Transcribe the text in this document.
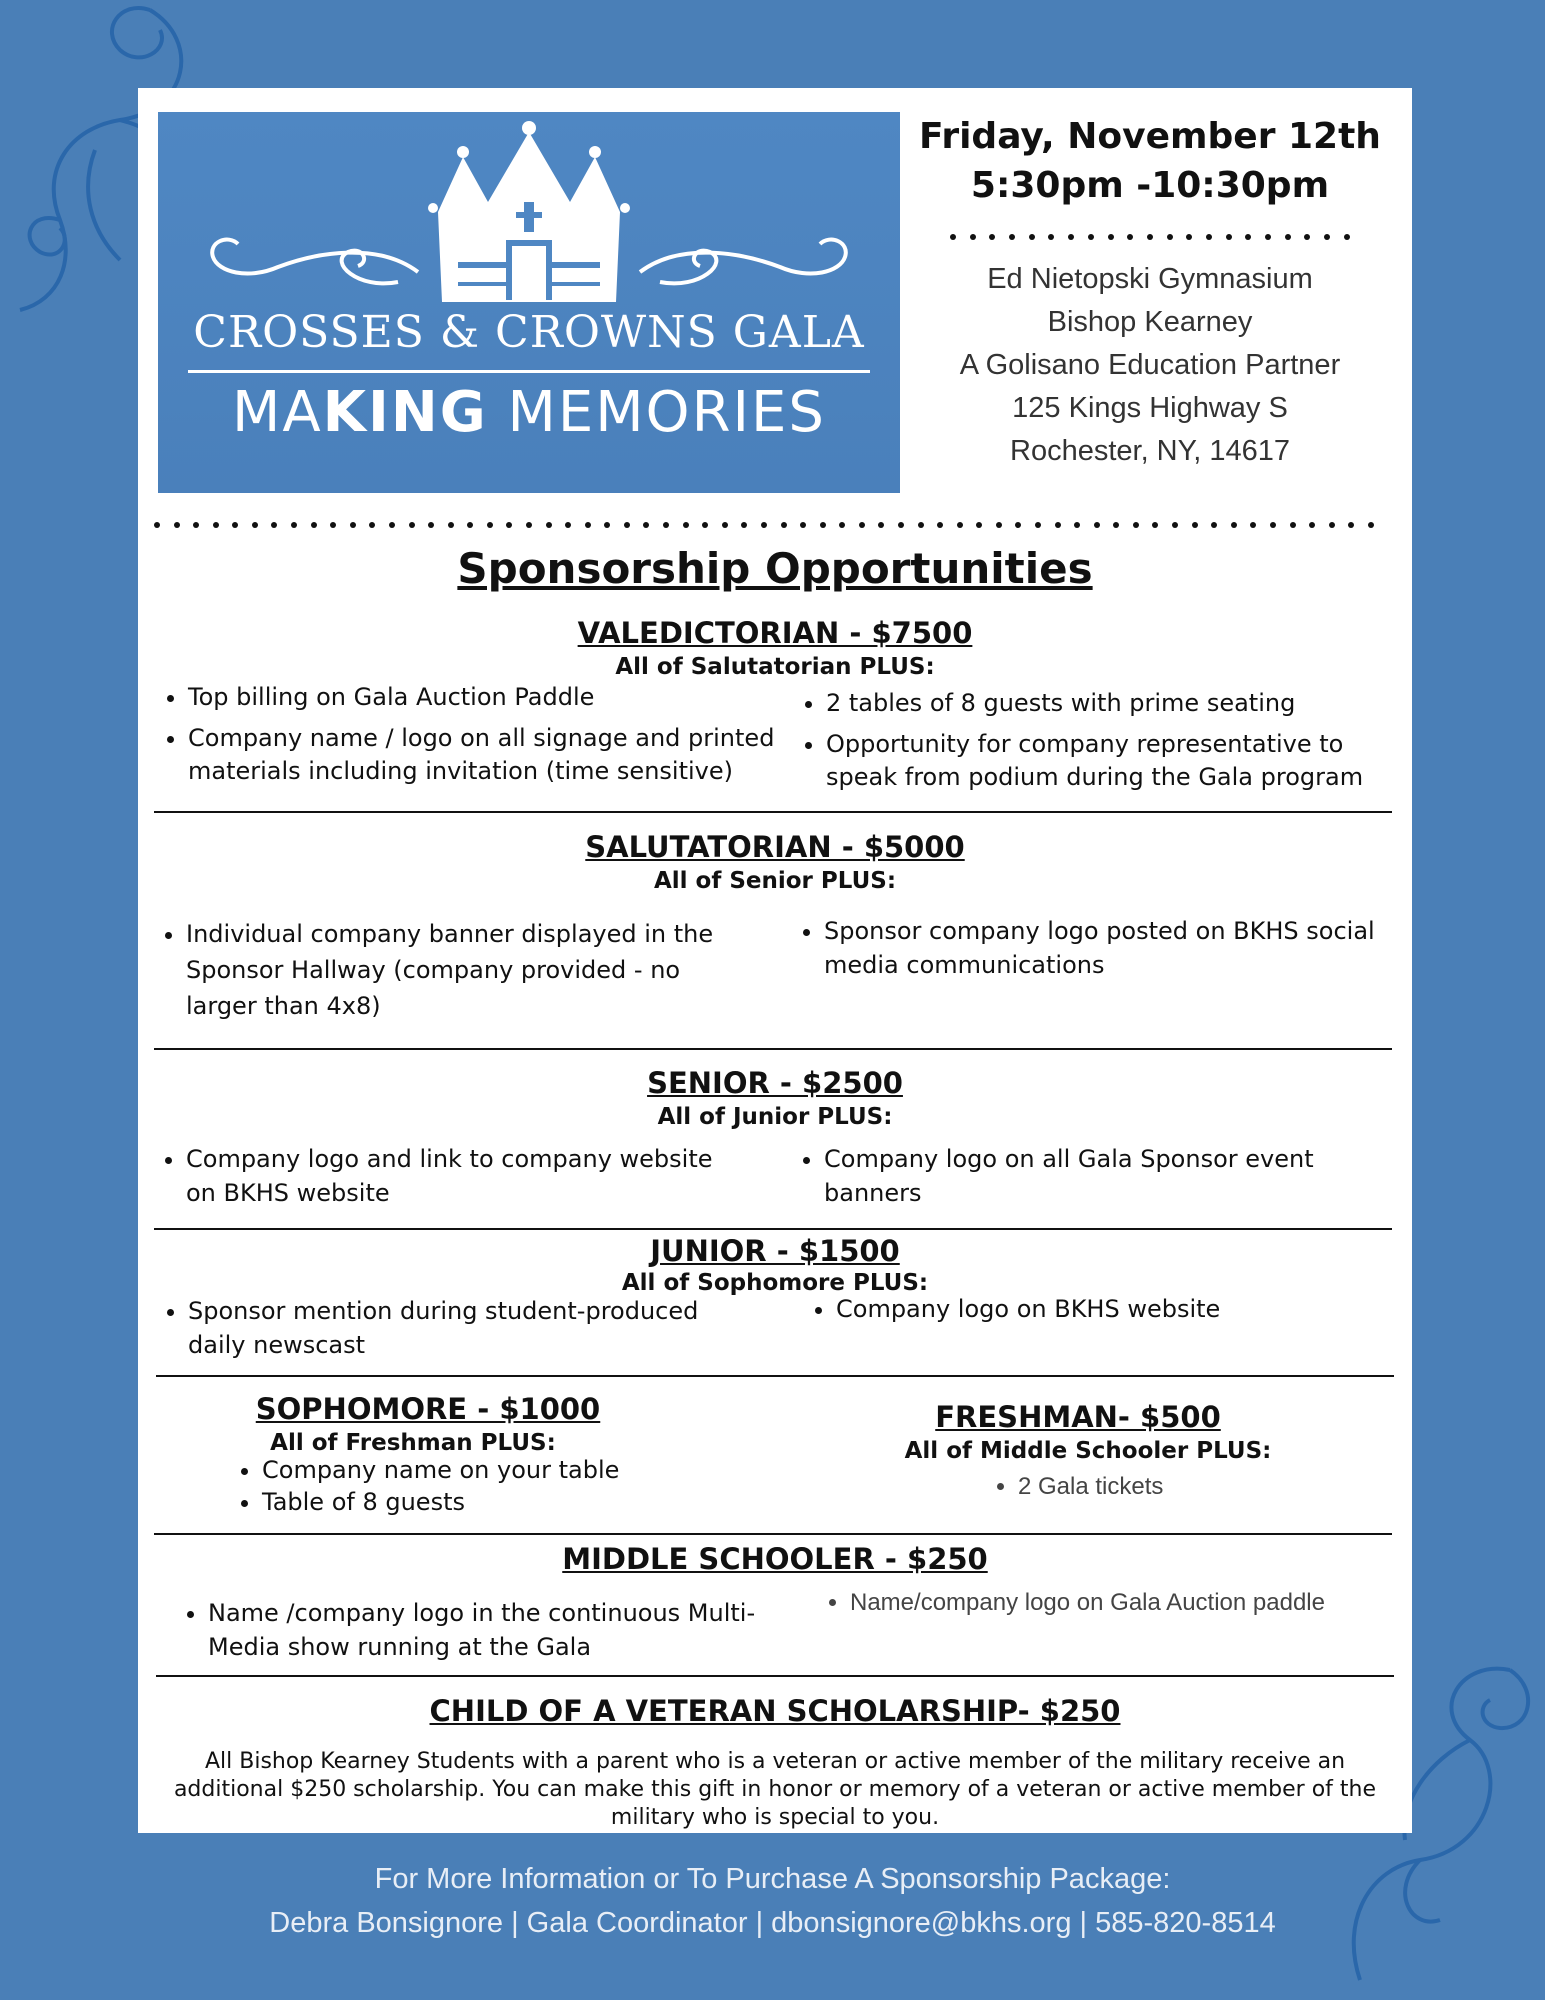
CROSSES & CROWNS GALA
MAKING MEMORIES
Friday, November 12th
5:30pm -10:30pm
Ed Nietopski Gymnasium
Bishop Kearney
A Golisano Education Partner
125 Kings Highway S
Rochester, NY, 14617
Sponsorship Opportunities
VALEDICTORIAN - $7500
All of Salutatorian PLUS:
• Top billing on Gala Auction Paddle
• Company name / logo on all signage and printed materials including invitation (time sensitive)
• 2 tables of 8 guests with prime seating
• Opportunity for company representative to speak from podium during the Gala program
SALUTATORIAN - $5000
All of Senior PLUS:
• Individual company banner displayed in the Sponsor Hallway (company provided - no larger than 4x8)
• Sponsor company logo posted on BKHS social media communications
SENIOR - $2500
All of Junior PLUS:
• Company logo and link to company website on BKHS website
• Company logo on all Gala Sponsor event banners
JUNIOR - $1500
All of Sophomore PLUS:
• Sponsor mention during student-produced daily newscast
• Company logo on BKHS website
SOPHOMORE - $1000
All of Freshman PLUS:
• Company name on your table
• Table of 8 guests
FRESHMAN- $500
All of Middle Schooler PLUS:
• 2 Gala tickets
MIDDLE SCHOOLER - $250
• Name /company logo in the continuous Multi-Media show running at the Gala
• Name/company logo on Gala Auction paddle
CHILD OF A VETERAN SCHOLARSHIP- $250
All Bishop Kearney Students with a parent who is a veteran or active member of the military receive an additional $250 scholarship. You can make this gift in honor or memory of a veteran or active member of the military who is special to you.
For More Information or To Purchase A Sponsorship Package:
Debra Bonsignore | Gala Coordinator | dbonsignore@bkhs.org | 585-820-8514
